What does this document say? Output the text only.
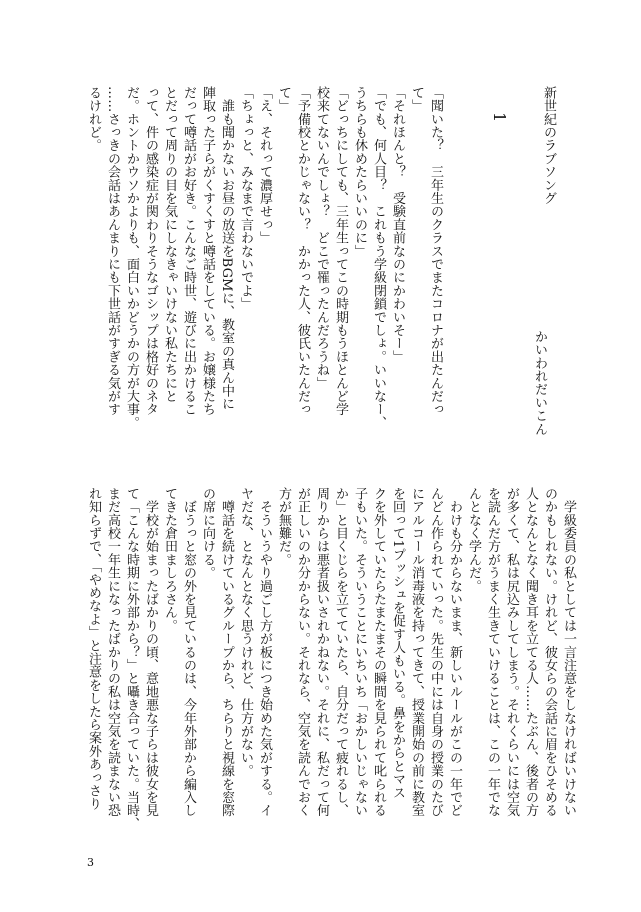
新世紀のラブソング
1
かいわれだいこん
「聞いた？　三年生のクラスでまたコロナが出たんだっ
て」
「それほんと？　受験直前なのにかわいそー」
「でも、何人目？　これもう学級閉鎖でしょ。いいなー、
うちらも休めたらいいのに」
「どっちにしても、三年生ってこの時期もうほとんど学
校来てないんでしょ？　どこで罹ったんだろうね」
「予備校とかじゃない？　かかった人、彼氏いたんだっ
て」
「え、それって濃厚せっ」
「ちょっと、みなまで言わないでよ」
　誰も聞かないお昼の放送をBGMに、教室の真ん中に
陣取った子らがくすくすと噂話をしている。お嬢様たち
だって噂話がお好き。こんなご時世、遊びに出かけるこ
とだって周りの目を気にしなきゃいけない私たちにと
って、件の感染症が関わりそうなゴシップは格好のネタ
だ。ホントかウソかよりも、面白いかどうかの方が大事。
……さっきの会話はあんまりにも下世話がすぎる気がす
るけれど。
　学級委員の私としては一言注意をしなければいけない
のかもしれない。けれど、彼女らの会話に眉をひそめる
人となんとなく聞き耳を立てる人……たぶん、後者の方
が多くて、私は尻込みしてしまう。それくらいには空気
を読んだ方がうまく生きていけることは、この一年でな
んとなく学んだ。
　わけも分からないまま、新しいルールがこの一年でど
んどん作られていった。先生の中には自身の授業のたび
にアルコール消毒液を持ってきて、授業開始の前に教室
を回って1プッシュを促す人もいる。鼻をからとマス
クを外していたらたまたまその瞬間を見られて叱られる
子もいた。そういうことにいちいち「おかしいじゃない
か」と目くじらを立てていたら、自分だって疲れるし、
周りからは悪者扱いされかねない。それに、私だって何
が正しいのか分からない。それなら、空気を読んでおく
方が無難だ。
　そういうやり過ごし方が板につき始めた気がする。イ
ヤだな、となんとなく思うけれど、仕方がない。
　噂話を続けているグループから、ちらりと視線を窓際
の席に向ける。
　ぼうっと窓の外を見ているのは、今年外部から編入し
てきた倉田ましろさん。
　学校が始まったばかりの頃、意地悪な子らは彼女を見
て「こんな時期に外部から？」と囁き合っていた。当時、
まだ高校一年生になったばかりの私は空気を読まない恐
れ知らずで、「やめなよ」と注意をしたら案外あっさり
3
